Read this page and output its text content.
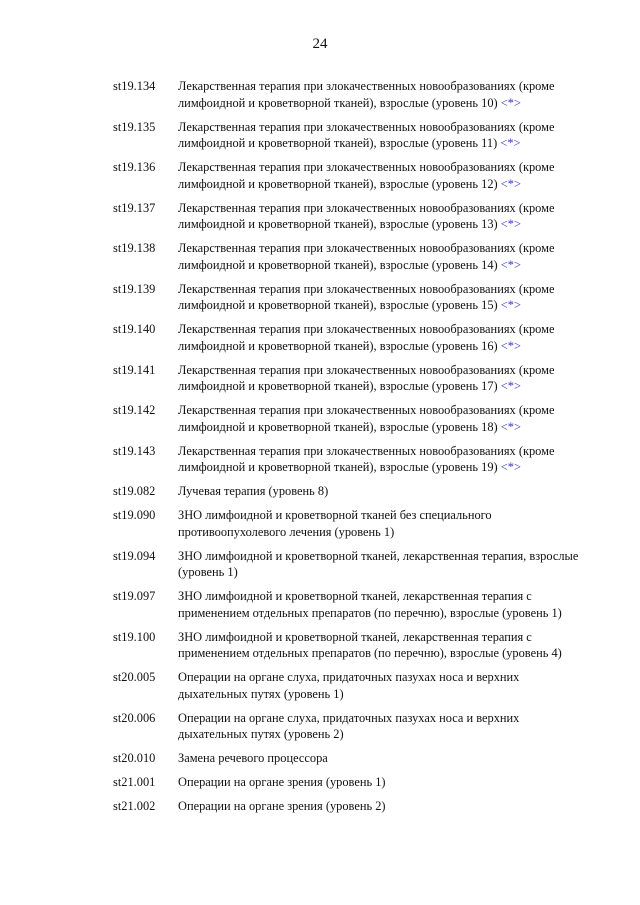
24
st19.134	Лекарственная терапия при злокачественных новообразованиях (кроме лимфоидной и кроветворной тканей), взрослые (уровень 10) <*>
st19.135	Лекарственная терапия при злокачественных новообразованиях (кроме лимфоидной и кроветворной тканей), взрослые (уровень 11) <*>
st19.136	Лекарственная терапия при злокачественных новообразованиях (кроме лимфоидной и кроветворной тканей), взрослые (уровень 12) <*>
st19.137	Лекарственная терапия при злокачественных новообразованиях (кроме лимфоидной и кроветворной тканей), взрослые (уровень 13) <*>
st19.138	Лекарственная терапия при злокачественных новообразованиях (кроме лимфоидной и кроветворной тканей), взрослые (уровень 14) <*>
st19.139	Лекарственная терапия при злокачественных новообразованиях (кроме лимфоидной и кроветворной тканей), взрослые (уровень 15) <*>
st19.140	Лекарственная терапия при злокачественных новообразованиях (кроме лимфоидной и кроветворной тканей), взрослые (уровень 16) <*>
st19.141	Лекарственная терапия при злокачественных новообразованиях (кроме лимфоидной и кроветворной тканей), взрослые (уровень 17) <*>
st19.142	Лекарственная терапия при злокачественных новообразованиях (кроме лимфоидной и кроветворной тканей), взрослые (уровень 18) <*>
st19.143	Лекарственная терапия при злокачественных новообразованиях (кроме лимфоидной и кроветворной тканей), взрослые (уровень 19) <*>
st19.082	Лучевая терапия (уровень 8)
st19.090	ЗНО лимфоидной и кроветворной тканей без специального противоопухолевого лечения (уровень 1)
st19.094	ЗНО лимфоидной и кроветворной тканей, лекарственная терапия, взрослые (уровень 1)
st19.097	ЗНО лимфоидной и кроветворной тканей, лекарственная терапия с применением отдельных препаратов (по перечню), взрослые (уровень 1)
st19.100	ЗНО лимфоидной и кроветворной тканей, лекарственная терапия с применением отдельных препаратов (по перечню), взрослые (уровень 4)
st20.005	Операции на органе слуха, придаточных пазухах носа и верхних дыхательных путях (уровень 1)
st20.006	Операции на органе слуха, придаточных пазухах носа и верхних дыхательных путях (уровень 2)
st20.010	Замена речевого процессора
st21.001	Операции на органе зрения (уровень 1)
st21.002	Операции на органе зрения (уровень 2)
